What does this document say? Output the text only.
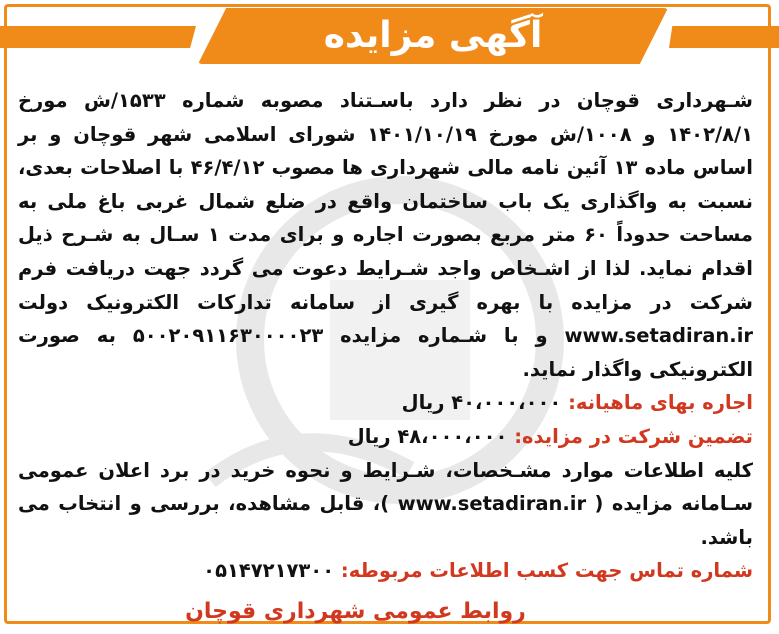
آگهی مزایده

شـهرداری قوچان در نظر دارد باسـتناد مصوبه شماره ۱۵۳۳/ش مورخ ۱۴۰۲/۸/۱ و ۱۰۰۸/ش مورخ ۱۴۰۱/۱۰/۱۹ شورای اسلامی شهر قوچان و بر اساس ماده ۱۳ آئین نامه مالی شهرداری ها مصوب ۴۶/۴/۱۲ با اصلاحات بعدی، نسبت به واگذاری یک باب ساختمان واقع در ضلع شمال غربی باغ ملی به مساحت حدوداً ۶۰ متر مربع بصورت اجاره و برای مدت ۱ سـال به شـرح ذیل اقدام نماید. لذا از اشـخاص واجد شـرایط دعوت می گردد جهت دریافت فرم شرکت در مزایده با بهره گیری از سامانه تدارکات الکترونیک دولت www.setadiran.ir و با شـماره مزایده ۵۰۰۲۰۹۱۱۶۳۰۰۰۰۲۳ به صورت الکترونیکی واگذار نماید.

اجاره بهای ماهیانه: ۴۰،۰۰۰،۰۰۰ ریال

تضمین شرکت در مزایده: ۴۸،۰۰۰،۰۰۰ ریال

کلیه اطلاعات موارد مشـخصات، شـرایط و نحوه خرید در برد اعلان عمومی سـامانه مزایده ( www.setadiran.ir )، قابل مشاهده، بررسی و انتخاب می باشد.

شماره تماس جهت کسب اطلاعات مربوطه: ۰۵۱۴۷۲۱۷۳۰۰

روابط عمومی شهرداری قوچان
